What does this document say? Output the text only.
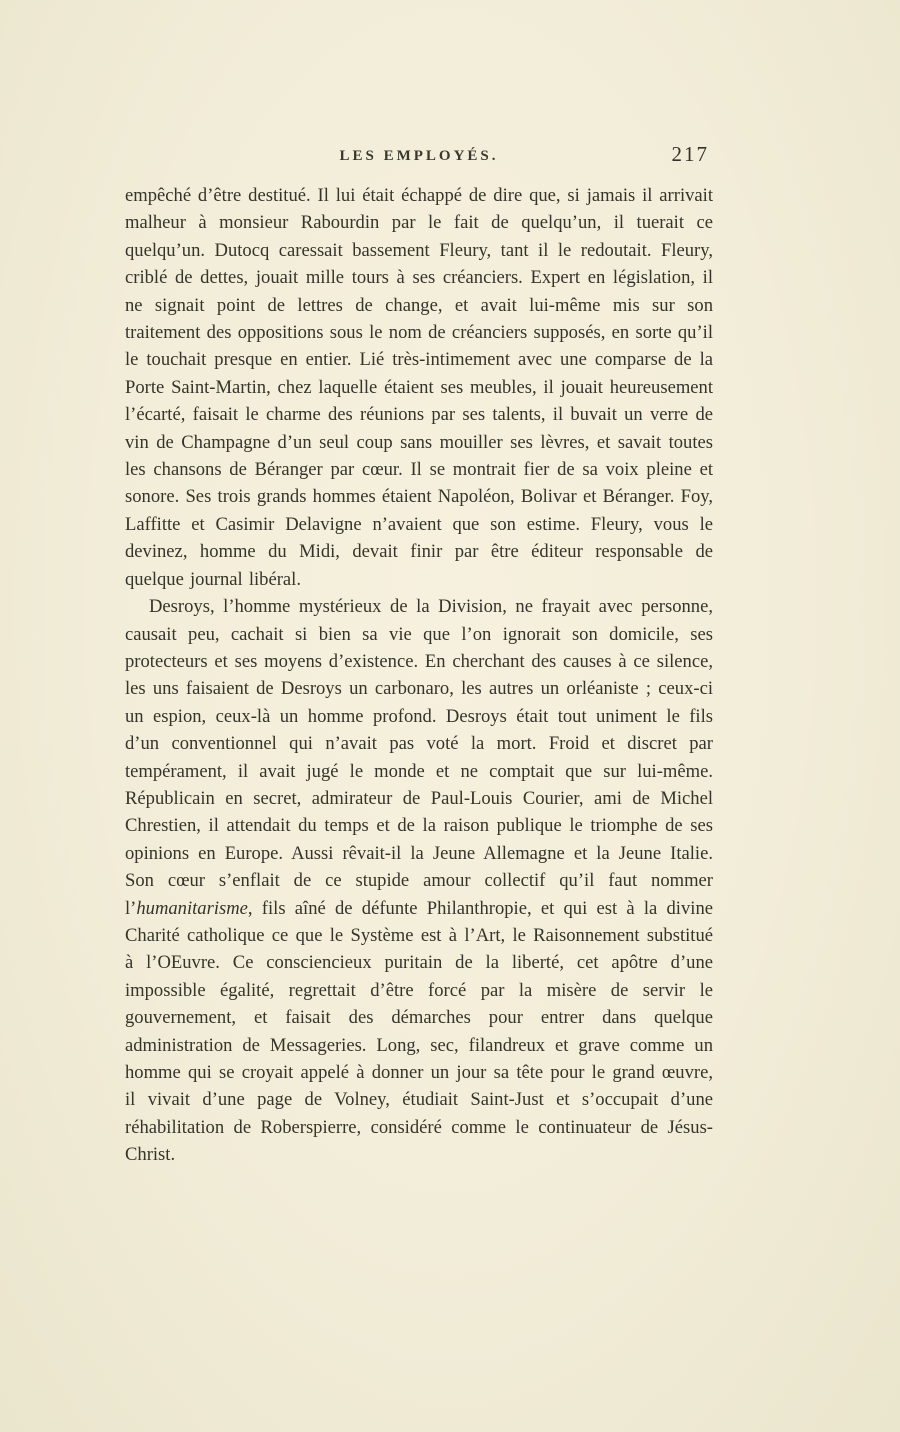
LES EMPLOYÉS.	217

empêché d’être destitué. Il lui était échappé de dire que, si jamais il arrivait malheur à monsieur Rabourdin par le fait de quelqu’un, il tuerait ce quelqu’un. Dutocq caressait bassement Fleury, tant il le redoutait. Fleury, criblé de dettes, jouait mille tours à ses créanciers. Expert en législation, il ne signait point de lettres de change, et avait lui-même mis sur son traitement des oppositions sous le nom de créanciers supposés, en sorte qu’il le touchait presque en entier. Lié très-intimement avec une comparse de la Porte Saint-Martin, chez laquelle étaient ses meubles, il jouait heureusement l’écarté, faisait le charme des réunions par ses talents, il buvait un verre de vin de Champagne d’un seul coup sans mouiller ses lèvres, et savait toutes les chansons de Béranger par cœur. Il se montrait fier de sa voix pleine et sonore. Ses trois grands hommes étaient Napoléon, Bolivar et Béranger. Foy, Laffitte et Casimir Delavigne n’avaient que son estime. Fleury, vous le devinez, homme du Midi, devait finir par être éditeur responsable de quelque journal libéral.

Desroys, l’homme mystérieux de la Division, ne frayait avec personne, causait peu, cachait si bien sa vie que l’on ignorait son domicile, ses protecteurs et ses moyens d’existence. En cherchant des causes à ce silence, les uns faisaient de Desroys un carbonaro, les autres un orléaniste ; ceux-ci un espion, ceux-là un homme profond. Desroys était tout uniment le fils d’un conventionnel qui n’avait pas voté la mort. Froid et discret par tempérament, il avait jugé le monde et ne comptait que sur lui-même. Républicain en secret, admirateur de Paul-Louis Courier, ami de Michel Chrestien, il attendait du temps et de la raison publique le triomphe de ses opinions en Europe. Aussi rêvait-il la Jeune Allemagne et la Jeune Italie. Son cœur s’enflait de ce stupide amour collectif qu’il faut nommer l’humanitarisme, fils aîné de défunte Philanthropie, et qui est à la divine Charité catholique ce que le Système est à l’Art, le Raisonnement substitué à l’OEuvre. Ce consciencieux puritain de la liberté, cet apôtre d’une impossible égalité, regrettait d’être forcé par la misère de servir le gouvernement, et faisait des démarches pour entrer dans quelque administration de Messageries. Long, sec, filandreux et grave comme un homme qui se croyait appelé à donner un jour sa tête pour le grand œuvre, il vivait d’une page de Volney, étudiait Saint-Just et s’occupait d’une réhabilitation de Roberspierre, considéré comme le continuateur de Jésus-Christ.
